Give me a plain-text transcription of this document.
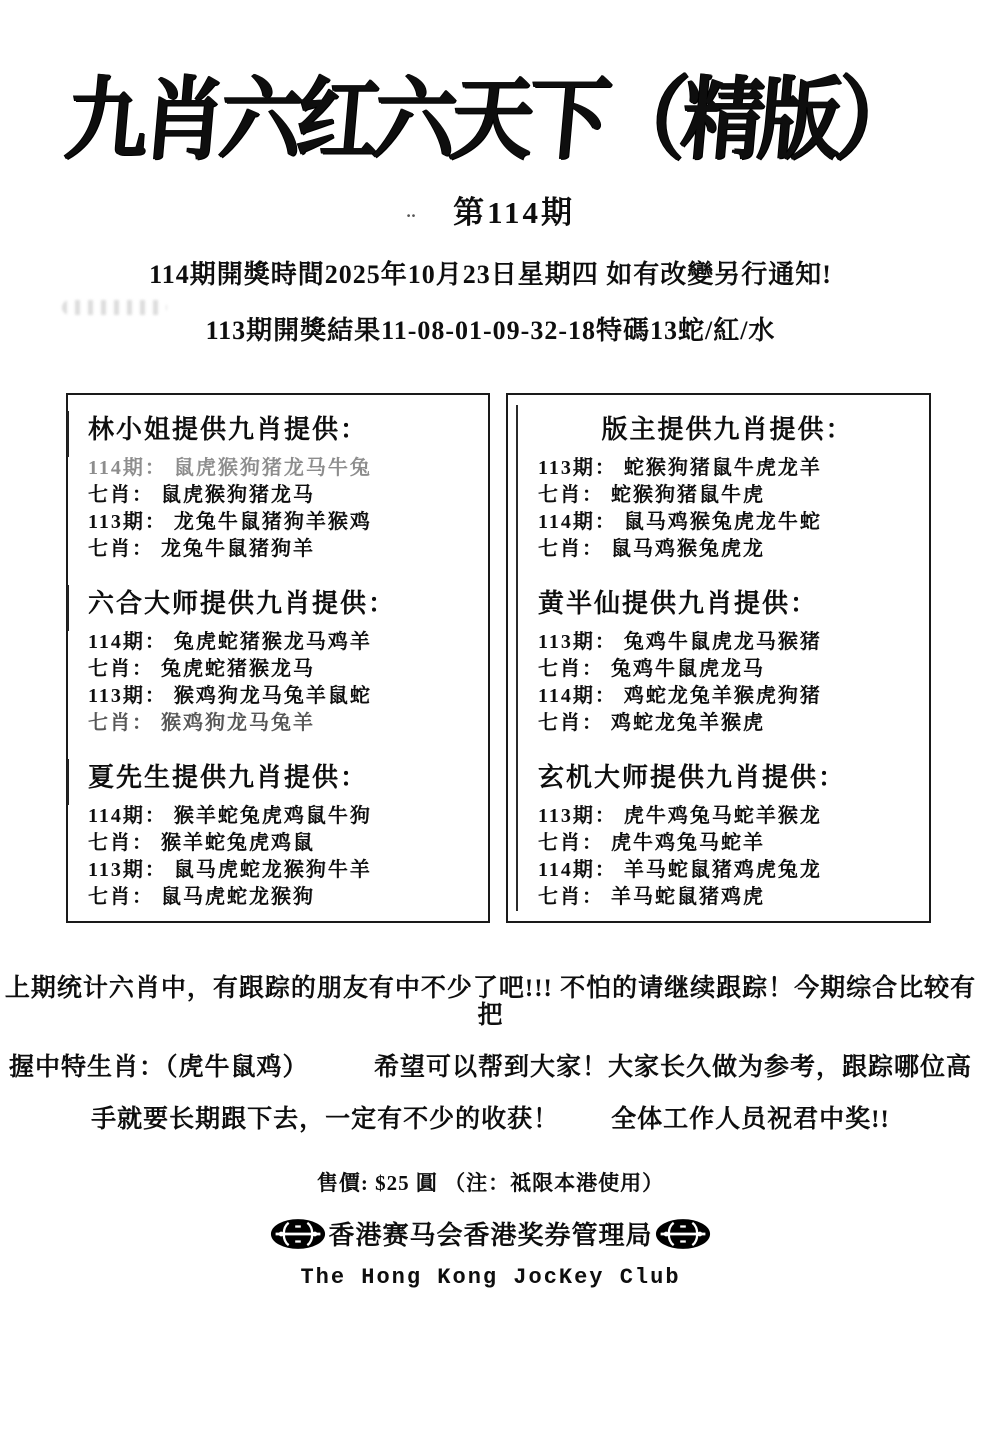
九肖六红六天下（精版）
‥ 第114期
114期開獎時間2025年10月23日星期四 如有改變另行通知!
113期開獎結果11-08-01-09-32-18特碼13蛇/紅/水
林小姐提供九肖提供：
114期： 鼠虎猴狗猪龙马牛兔
七肖： 鼠虎猴狗猪龙马
113期： 龙兔牛鼠猪狗羊猴鸡
七肖： 龙兔牛鼠猪狗羊
六合大师提供九肖提供：
114期： 兔虎蛇猪猴龙马鸡羊
七肖： 兔虎蛇猪猴龙马
113期： 猴鸡狗龙马兔羊鼠蛇
七肖： 猴鸡狗龙马兔羊
夏先生提供九肖提供：
114期： 猴羊蛇兔虎鸡鼠牛狗
七肖： 猴羊蛇兔虎鸡鼠
113期： 鼠马虎蛇龙猴狗牛羊
七肖： 鼠马虎蛇龙猴狗
版主提供九肖提供：
113期： 蛇猴狗猪鼠牛虎龙羊
七肖： 蛇猴狗猪鼠牛虎
114期： 鼠马鸡猴兔虎龙牛蛇
七肖： 鼠马鸡猴兔虎龙
黄半仙提供九肖提供：
113期： 兔鸡牛鼠虎龙马猴猪
七肖： 兔鸡牛鼠虎龙马
114期： 鸡蛇龙兔羊猴虎狗猪
七肖： 鸡蛇龙兔羊猴虎
玄机大师提供九肖提供：
113期： 虎牛鸡兔马蛇羊猴龙
七肖： 虎牛鸡兔马蛇羊
114期： 羊马蛇鼠猪鸡虎兔龙
七肖： 羊马蛇鼠猪鸡虎

上期统计六肖中，有跟踪的朋友有中不少了吧!!! 不怕的请继续跟踪！今期综合比较有把

握中特生肖：（虎牛鼠鸡）　　　希望可以帮到大家！大家长久做为参考，跟踪哪位高

手就要长期跟下去，一定有不少的收获！　　全体工作人员祝君中奖!!

售價: $25 圓 （注：祗限本港使用）
香港赛马会香港奖券管理局
The Hong Kong JocKey Club
